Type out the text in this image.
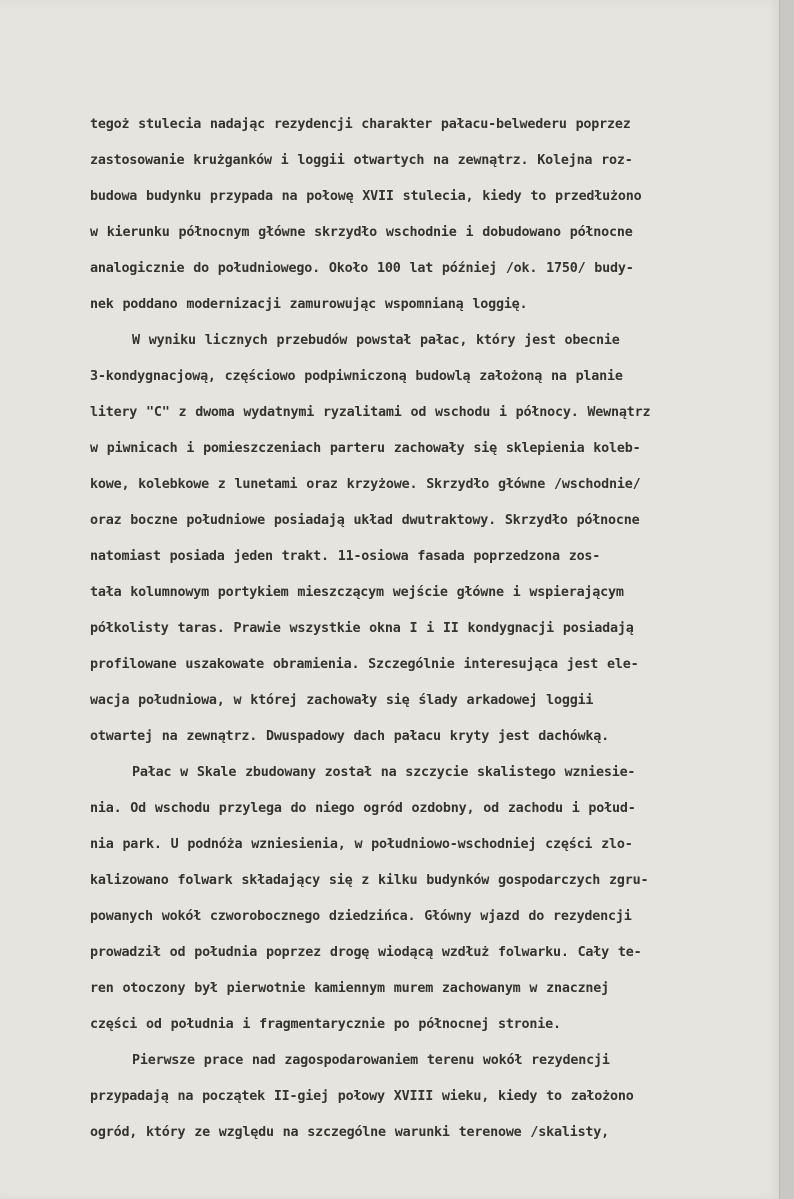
tegoż stulecia nadając rezydencji charakter pałacu-belwederu poprzez
zastosowanie krużganków i loggii otwartych na zewnątrz. Kolejna roz-
budowa budynku przypada na połowę XVII stulecia, kiedy to przedłużono
w kierunku północnym główne skrzydło wschodnie i dobudowano północne
analogicznie do południowego. Około 100 lat później /ok. 1750/ budy-
nek poddano modernizacji zamurowując wspomnianą loggię.
W wyniku licznych przebudów powstał pałac, który jest obecnie
3-kondygnacjową, częściowo podpiwniczoną budowlą założoną na planie
litery "C" z dwoma wydatnymi ryzalitami od wschodu i północy. Wewnątrz
w piwnicach i pomieszczeniach parteru zachowały się sklepienia koleb-
kowe, kolebkowe z lunetami oraz krzyżowe. Skrzydło główne /wschodnie/
oraz boczne południowe posiadają układ dwutraktowy. Skrzydło północne
natomiast posiada jeden trakt. 11-osiowa fasada poprzedzona zos-
tała kolumnowym portykiem mieszczącym wejście główne i wspierającym
półkolisty taras. Prawie wszystkie okna I i II kondygnacji posiadają
profilowane uszakowate obramienia. Szczególnie interesująca jest ele-
wacja południowa, w której zachowały się ślady arkadowej loggii
otwartej na zewnątrz. Dwuspadowy dach pałacu kryty jest dachówką.
Pałac w Skale zbudowany został na szczycie skalistego wzniesie-
nia. Od wschodu przylega do niego ogród ozdobny, od zachodu i połud-
nia park. U podnóża wzniesienia, w południowo-wschodniej części zlo-
kalizowano folwark składający się z kilku budynków gospodarczych zgru-
powanych wokół czworobocznego dziedzińca. Główny wjazd do rezydencji
prowadził od południa poprzez drogę wiodącą wzdłuż folwarku. Cały te-
ren otoczony był pierwotnie kamiennym murem zachowanym w znacznej
części od południa i fragmentarycznie po północnej stronie.
Pierwsze prace nad zagospodarowaniem terenu wokół rezydencji
przypadają na początek II-giej połowy XVIII wieku, kiedy to założono
ogród, który ze względu na szczególne warunki terenowe /skalisty,
